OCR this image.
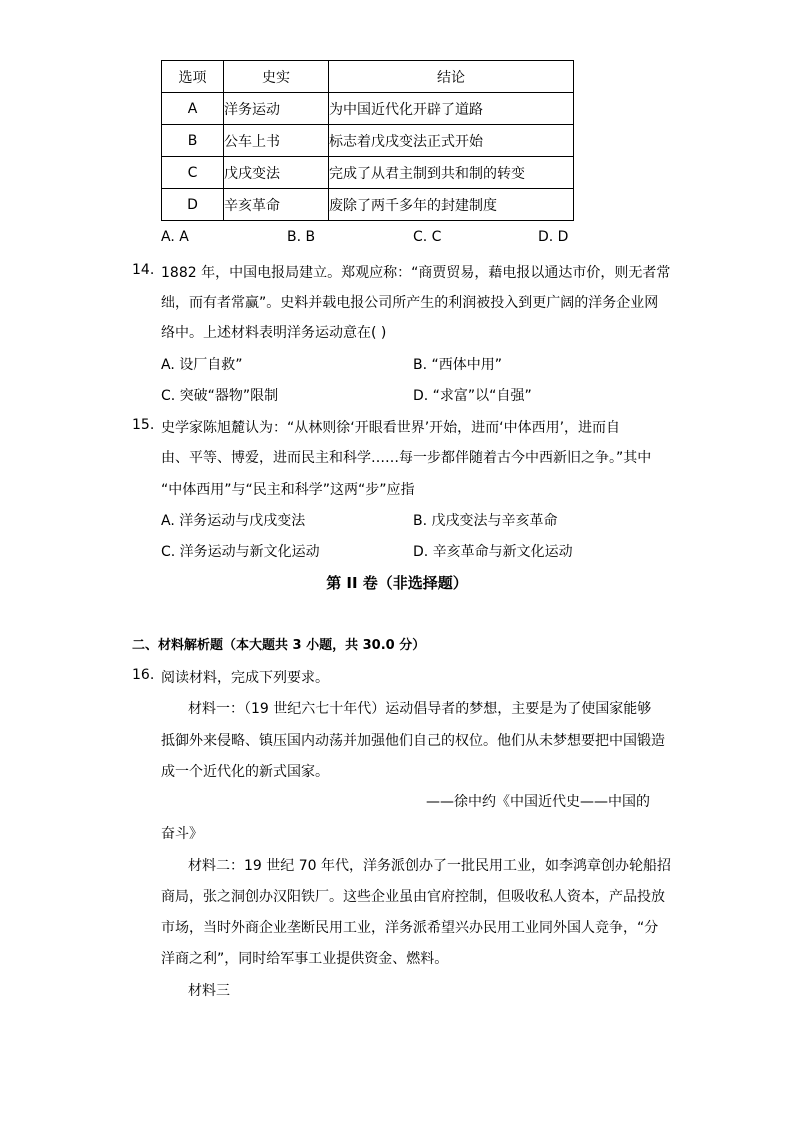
选项	史实	结论
A	洋务运动	为中国近代化开辟了道路
B	公车上书	标志着戊戌变法正式开始
C	戊戌变法	完成了从君主制到共和制的转变
D	辛亥革命	废除了两千多年的封建制度
A. A	B. B	C. C	D. D
14. 1882 年，中国电报局建立。郑观应称：“商贾贸易，藉电报以通达市价，则无者常
绌，而有者常赢”。史料并载电报公司所产生的利润被投入到更广阔的洋务企业网
络中。上述材料表明洋务运动意在( )
A. 设厂自救”	B. “西体中用”
C. 突破“器物”限制	D. “求富”以“自强”
15. 史学家陈旭麓认为：“从林则徐‘开眼看世界’开始，进而‘中体西用’，进而自
由、平等、博爱，进而民主和科学……每一步都伴随着古今中西新旧之争。”其中
“中体西用”与“民主和科学”这两“步”应指
A. 洋务运动与戊戌变法	B. 戊戌变法与辛亥革命
C. 洋务运动与新文化运动	D. 辛亥革命与新文化运动
第 II 卷（非选择题）
二、材料解析题（本大题共 3 小题，共 30.0 分）
16. 阅读材料，完成下列要求。
材料一：（19 世纪六七十年代）运动倡导者的梦想，主要是为了使国家能够
抵御外来侵略、镇压国内动荡并加强他们自己的权位。他们从未梦想要把中国锻造
成一个近代化的新式国家。
——徐中约《中国近代史——中国的
奋斗》
材料二：19 世纪 70 年代，洋务派创办了一批民用工业，如李鸿章创办轮船招
商局，张之洞创办汉阳铁厂。这些企业虽由官府控制，但吸收私人资本，产品投放
市场，当时外商企业垄断民用工业，洋务派希望兴办民用工业同外国人竞争，“分
洋商之利”，同时给军事工业提供资金、燃料。
材料三
